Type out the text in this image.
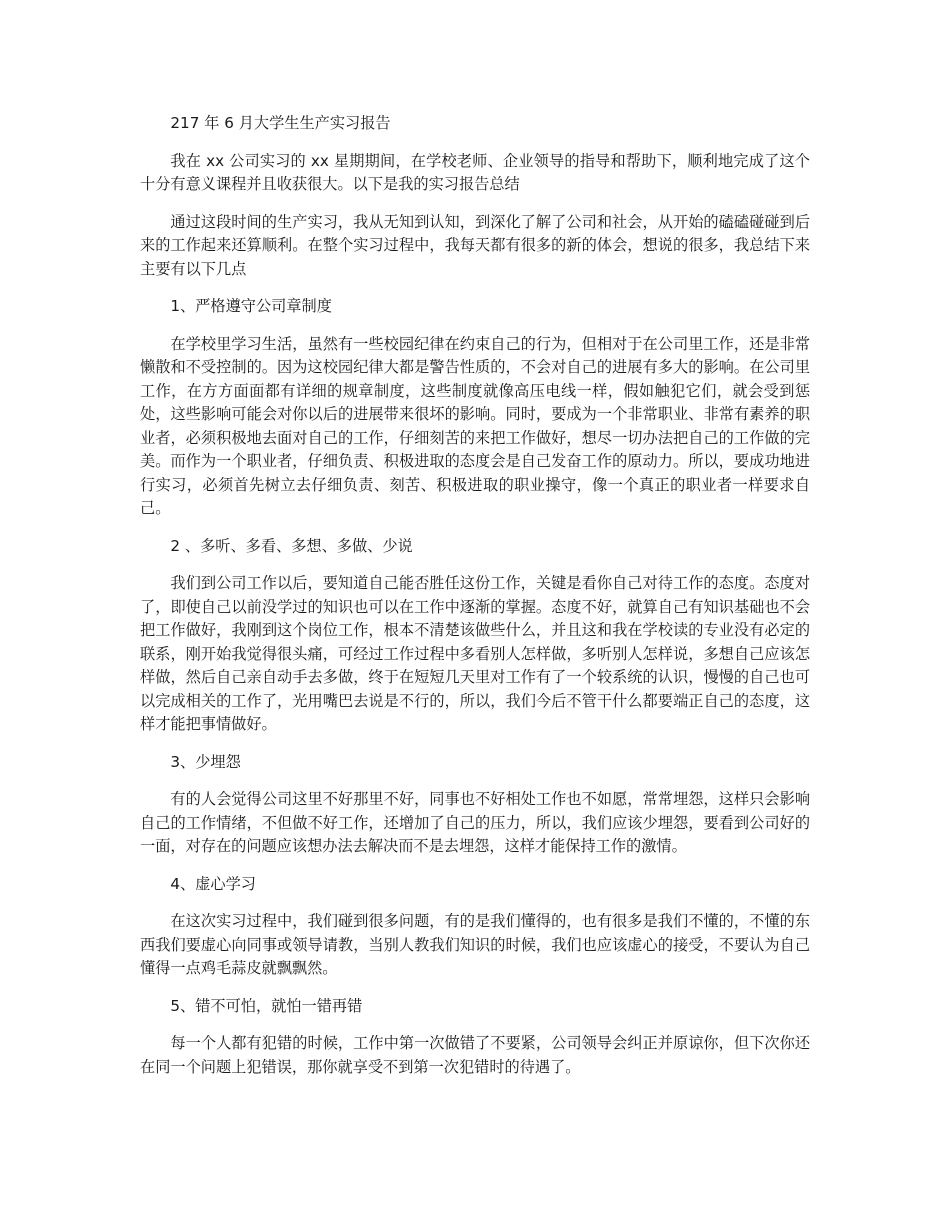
217 年 6 月大学生生产实习报告

我在 xx 公司实习的 xx 星期期间，在学校老师、企业领导的指导和帮助下，顺利地完成了这个十分有意义课程并且收获很大。以下是我的实习报告总结

通过这段时间的生产实习，我从无知到认知，到深化了解了公司和社会，从开始的磕磕碰碰到后来的工作起来还算顺利。在整个实习过程中，我每天都有很多的新的体会，想说的很多，我总结下来主要有以下几点

1、严格遵守公司章制度

在学校里学习生活，虽然有一些校园纪律在约束自己的行为，但相对于在公司里工作，还是非常懒散和不受控制的。因为这校园纪律大都是警告性质的，不会对自己的进展有多大的影响。在公司里工作，在方方面面都有详细的规章制度，这些制度就像高压电线一样，假如触犯它们，就会受到惩处，这些影响可能会对你以后的进展带来很坏的影响。同时，要成为一个非常职业、非常有素养的职业者，必须积极地去面对自己的工作，仔细刻苦的来把工作做好，想尽一切办法把自己的工作做的完美。而作为一个职业者，仔细负责、积极进取的态度会是自己发奋工作的原动力。所以，要成功地进行实习，必须首先树立去仔细负责、刻苦、积极进取的职业操守，像一个真正的职业者一样要求自己。

2 、多听、多看、多想、多做、少说

我们到公司工作以后，要知道自己能否胜任这份工作，关键是看你自己对待工作的态度。态度对了，即使自己以前没学过的知识也可以在工作中逐渐的掌握。态度不好，就算自己有知识基础也不会把工作做好，我刚到这个岗位工作，根本不清楚该做些什么，并且这和我在学校读的专业没有必定的联系，刚开始我觉得很头痛，可经过工作过程中多看别人怎样做，多听别人怎样说，多想自己应该怎样做，然后自己亲自动手去多做，终于在短短几天里对工作有了一个较系统的认识，慢慢的自己也可以完成相关的工作了，光用嘴巴去说是不行的，所以，我们今后不管干什么都要端正自己的态度，这样才能把事情做好。

3、少埋怨

有的人会觉得公司这里不好那里不好，同事也不好相处工作也不如愿，常常埋怨，这样只会影响自己的工作情绪，不但做不好工作，还增加了自己的压力，所以，我们应该少埋怨，要看到公司好的一面，对存在的问题应该想办法去解决而不是去埋怨，这样才能保持工作的激情。

4、虚心学习

在这次实习过程中，我们碰到很多问题，有的是我们懂得的，也有很多是我们不懂的，不懂的东西我们要虚心向同事或领导请教，当别人教我们知识的时候，我们也应该虚心的接受，不要认为自己懂得一点鸡毛蒜皮就飘飘然。

5、错不可怕，就怕一错再错

每一个人都有犯错的时候，工作中第一次做错了不要紧，公司领导会纠正并原谅你，但下次你还在同一个问题上犯错误，那你就享受不到第一次犯错时的待遇了。
